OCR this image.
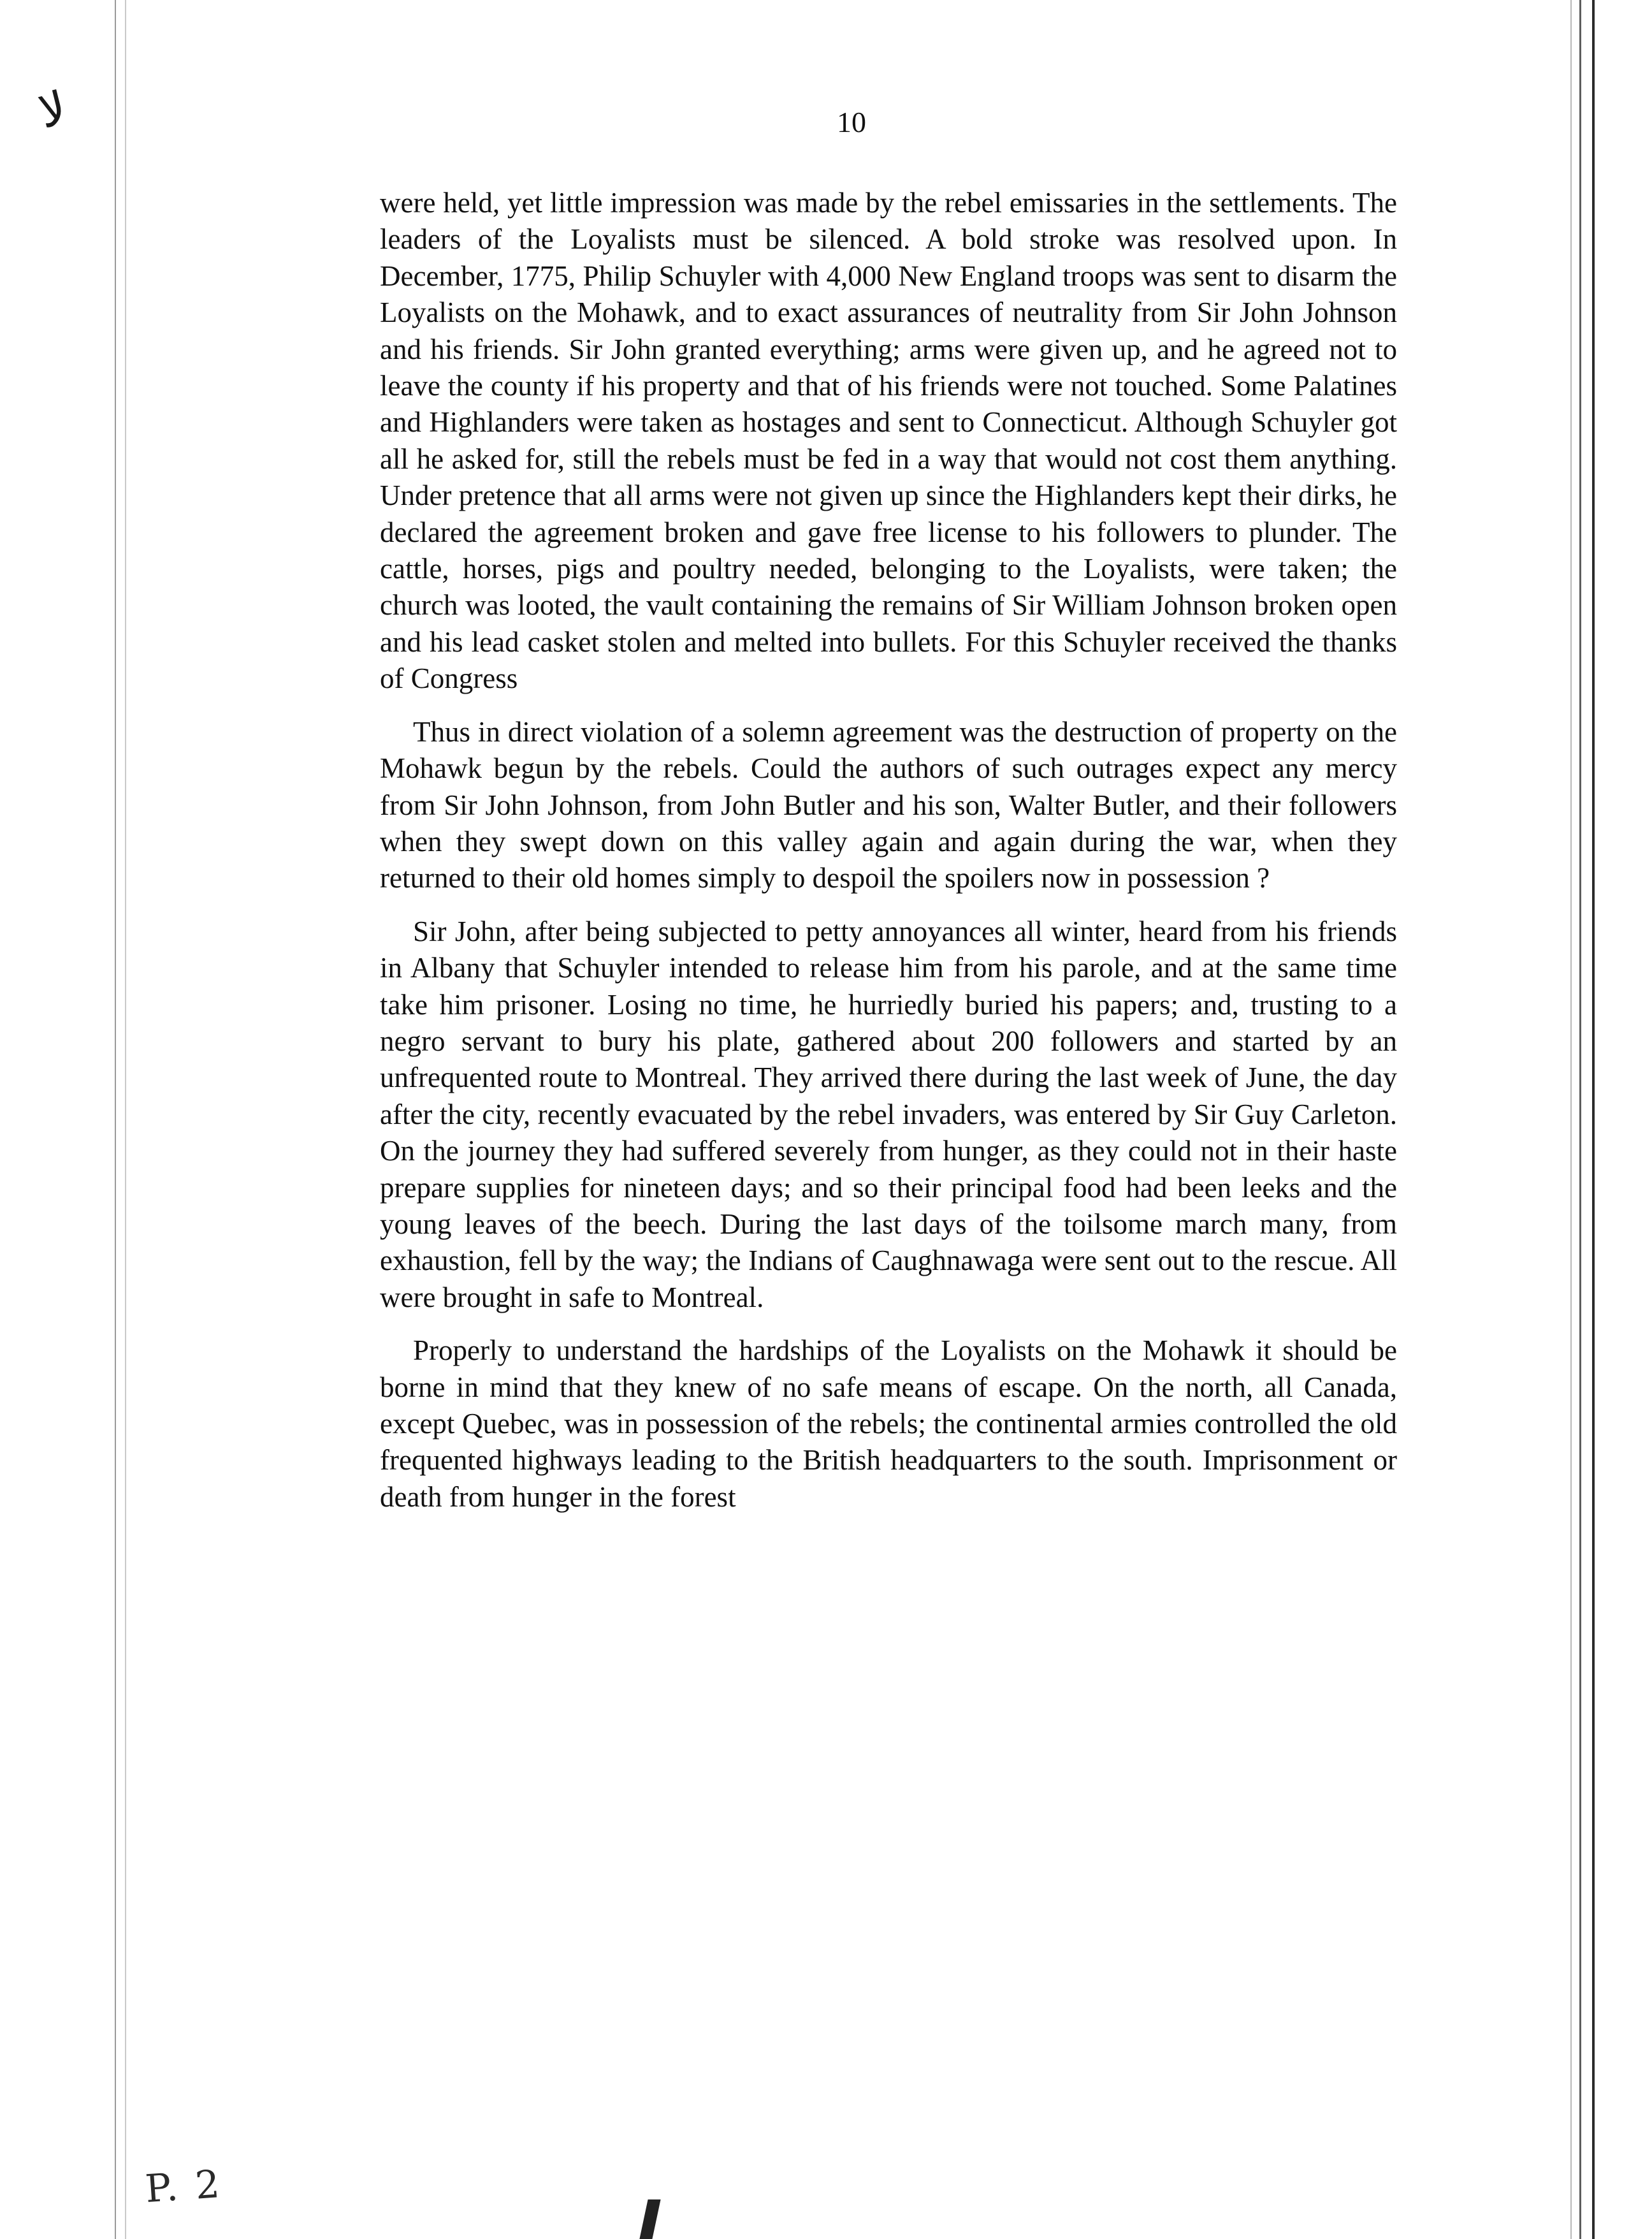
ﻻ	10

were held, yet little impression was made by the rebel emissaries in the settlements. The leaders of the Loyalists must be silenced. A bold stroke was resolved upon. In December, 1775, Philip Schuyler with 4,000 New England troops was sent to disarm the Loyalists on the Mohawk, and to exact assurances of neutrality from Sir John Johnson and his friends. Sir John granted everything; arms were given up, and he agreed not to leave the county if his property and that of his friends were not touched. Some Palatines and Highlanders were taken as hostages and sent to Connecticut. Although Schuyler got all he asked for, still the rebels must be fed in a way that would not cost them anything. Under pretence that all arms were not given up since the Highlanders kept their dirks, he declared the agreement broken and gave free license to his followers to plunder. The cattle, horses, pigs and poultry needed, belonging to the Loyalists, were taken; the church was looted, the vault containing the remains of Sir William Johnson broken open and his lead casket stolen and melted into bullets. For this Schuyler received the thanks of Congress

Thus in direct violation of a solemn agreement was the destruction of property on the Mohawk begun by the rebels. Could the authors of such outrages expect any mercy from Sir John Johnson, from John Butler and his son, Walter Butler, and their followers when they swept down on this valley again and again during the war, when they returned to their old homes simply to despoil the spoilers now in possession ?

Sir John, after being subjected to petty annoyances all winter, heard from his friends in Albany that Schuyler intended to release him from his parole, and at the same time take him prisoner. Losing no time, he hurriedly buried his papers; and, trusting to a negro servant to bury his plate, gathered about 200 followers and started by an unfrequented route to Montreal. They arrived there during the last week of June, the day after the city, recently evacuated by the rebel invaders, was entered by Sir Guy Carleton. On the journey they had suffered severely from hunger, as they could not in their haste prepare supplies for nineteen days; and so their principal food had been leeks and the young leaves of the beech. During the last days of the toilsome march many, from exhaustion, fell by the way; the Indians of Caughnawaga were sent out to the rescue. All were brought in safe to Montreal.

Properly to understand the hardships of the Loyalists on the Mohawk it should be borne in mind that they knew of no safe means of escape. On the north, all Canada, except Quebec, was in possession of the rebels; the continental armies controlled the old frequented highways leading to the British headquarters to the south. Imprisonment or death from hunger in the forest

P. 2
